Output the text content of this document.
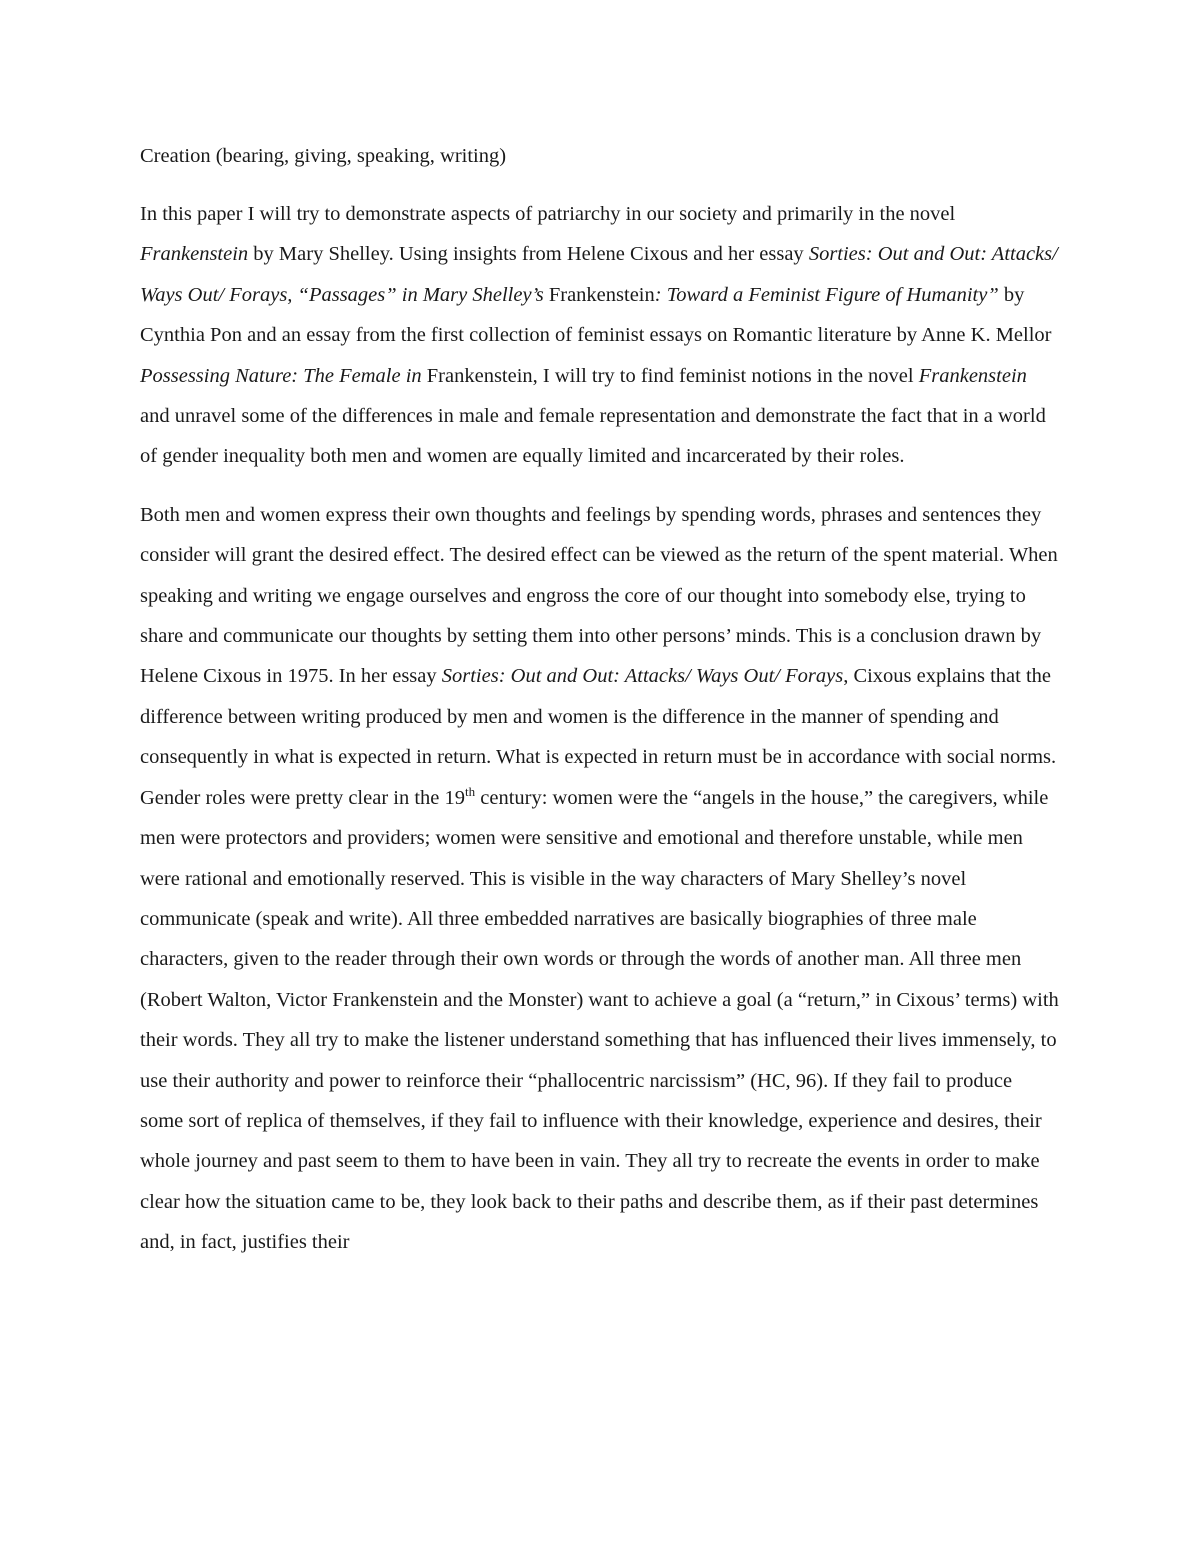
Creation (bearing, giving, speaking, writing)

In this paper I will try to demonstrate aspects of patriarchy in our society and primarily in the novel Frankenstein by Mary Shelley. Using insights from Helene Cixous and her essay Sorties: Out and Out: Attacks/ Ways Out/ Forays, “Passages” in Mary Shelley’s Frankenstein: Toward a Feminist Figure of Humanity” by Cynthia Pon and an essay from the first collection of feminist essays on Romantic literature by Anne K. Mellor Possessing Nature: The Female in Frankenstein, I will try to find feminist notions in the novel Frankenstein and unravel some of the differences in male and female representation and demonstrate the fact that in a world of gender inequality both men and women are equally limited and incarcerated by their roles.

Both men and women express their own thoughts and feelings by spending words, phrases and sentences they consider will grant the desired effect. The desired effect can be viewed as the return of the spent material. When speaking and writing we engage ourselves and engross the core of our thought into somebody else, trying to share and communicate our thoughts by setting them into other persons’ minds. This is a conclusion drawn by Helene Cixous in 1975. In her essay Sorties: Out and Out: Attacks/ Ways Out/ Forays, Cixous explains that the difference between writing produced by men and women is the difference in the manner of spending and consequently in what is expected in return. What is expected in return must be in accordance with social norms. Gender roles were pretty clear in the 19th century: women were the “angels in the house,” the caregivers, while men were protectors and providers; women were sensitive and emotional and therefore unstable, while men were rational and emotionally reserved. This is visible in the way characters of Mary Shelley’s novel communicate (speak and write). All three embedded narratives are basically biographies of three male characters, given to the reader through their own words or through the words of another man. All three men (Robert Walton, Victor Frankenstein and the Monster) want to achieve a goal (a “return,” in Cixous’ terms) with their words. They all try to make the listener understand something that has influenced their lives immensely, to use their authority and power to reinforce their “phallocentric narcissism” (HC, 96). If they fail to produce some sort of replica of themselves, if they fail to influence with their knowledge, experience and desires, their whole journey and past seem to them to have been in vain. They all try to recreate the events in order to make clear how the situation came to be, they look back to their paths and describe them, as if their past determines and, in fact, justifies their
